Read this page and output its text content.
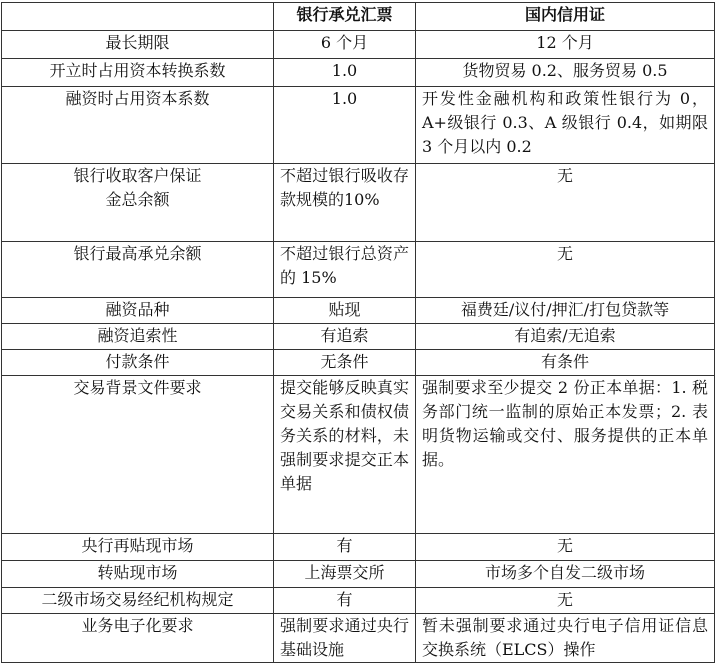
	银行承兑汇票	国内信用证
最长期限	6 个月	12 个月
开立时占用资本转换系数	1.0	货物贸易 0.2、服务贸易 0.5
融资时占用资本系数	1.0	开发性金融机构和政策性银行为 0，A+级银行 0.3、A 级银行 0.4，如期限 3 个月以内 0.2
银行收取客户保证金总余额	不超过银行吸收存款规模的10%	无
银行最高承兑余额	不超过银行总资产的 15%	无
融资品种	贴现	福费廷/议付/押汇/打包贷款等
融资追索性	有追索	有追索/无追索
付款条件	无条件	有条件
交易背景文件要求	提交能够反映真实交易关系和债权债务关系的材料，未强制要求提交正本单据	强制要求至少提交 2 份正本单据：1. 税务部门统一监制的原始正本发票；2. 表明货物运输或交付、服务提供的正本单据。
央行再贴现市场	有	无
转贴现市场	上海票交所	市场多个自发二级市场
二级市场交易经纪机构规定	有	无
业务电子化要求	强制要求通过央行基础设施	暂未强制要求通过央行电子信用证信息交换系统（ELCS）操作
